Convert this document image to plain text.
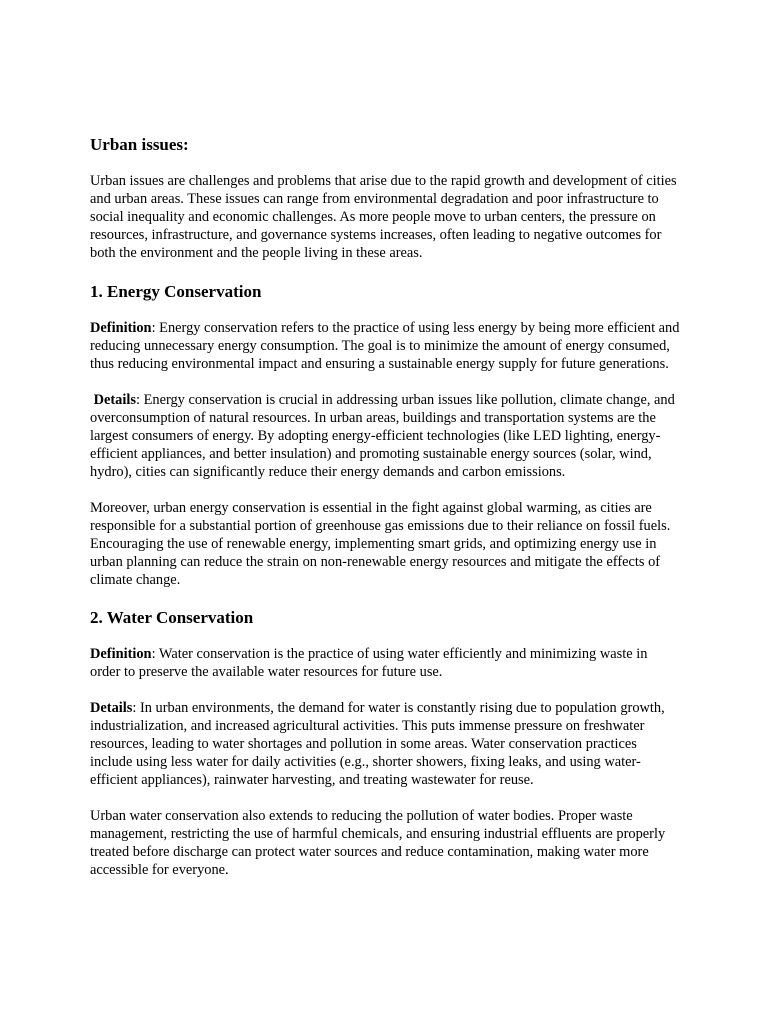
Urban issues:

Urban issues are challenges and problems that arise due to the rapid growth and development of cities and urban areas. These issues can range from environmental degradation and poor infrastructure to social inequality and economic challenges. As more people move to urban centers, the pressure on resources, infrastructure, and governance systems increases, often leading to negative outcomes for both the environment and the people living in these areas.

1. Energy Conservation

Definition: Energy conservation refers to the practice of using less energy by being more efficient and reducing unnecessary energy consumption. The goal is to minimize the amount of energy consumed, thus reducing environmental impact and ensuring a sustainable energy supply for future generations.

Details: Energy conservation is crucial in addressing urban issues like pollution, climate change, and overconsumption of natural resources. In urban areas, buildings and transportation systems are the largest consumers of energy. By adopting energy-efficient technologies (like LED lighting, energy-efficient appliances, and better insulation) and promoting sustainable energy sources (solar, wind, hydro), cities can significantly reduce their energy demands and carbon emissions.

Moreover, urban energy conservation is essential in the fight against global warming, as cities are responsible for a substantial portion of greenhouse gas emissions due to their reliance on fossil fuels. Encouraging the use of renewable energy, implementing smart grids, and optimizing energy use in urban planning can reduce the strain on non-renewable energy resources and mitigate the effects of climate change.

2. Water Conservation

Definition: Water conservation is the practice of using water efficiently and minimizing waste in order to preserve the available water resources for future use.

Details: In urban environments, the demand for water is constantly rising due to population growth, industrialization, and increased agricultural activities. This puts immense pressure on freshwater resources, leading to water shortages and pollution in some areas. Water conservation practices include using less water for daily activities (e.g., shorter showers, fixing leaks, and using water-efficient appliances), rainwater harvesting, and treating wastewater for reuse.

Urban water conservation also extends to reducing the pollution of water bodies. Proper waste management, restricting the use of harmful chemicals, and ensuring industrial effluents are properly treated before discharge can protect water sources and reduce contamination, making water more accessible for everyone.
